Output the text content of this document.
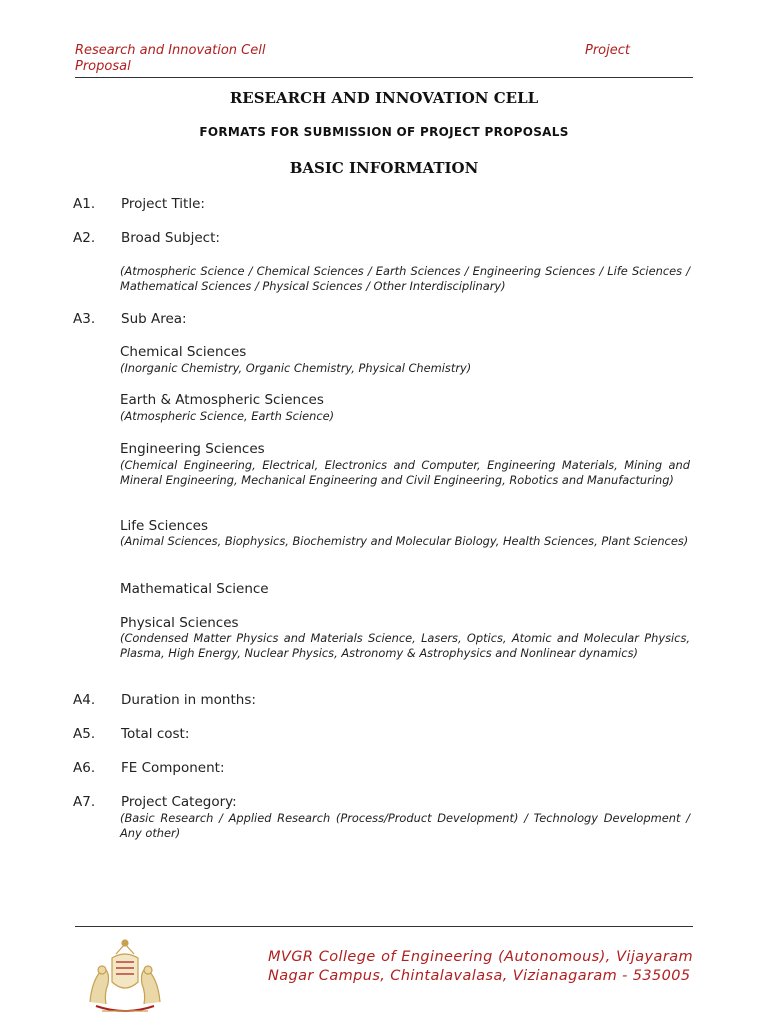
Research and Innovation Cell	Project
Proposal
RESEARCH AND INNOVATION CELL
FORMATS FOR SUBMISSION OF PROJECT PROPOSALS
BASIC INFORMATION
A1.	Project Title:
A2.	Broad Subject:
(Atmospheric Science / Chemical Sciences / Earth Sciences / Engineering Sciences / Life Sciences / Mathematical Sciences / Physical Sciences / Other Interdisciplinary)
A3.	Sub Area:
Chemical Sciences
(Inorganic Chemistry, Organic Chemistry, Physical Chemistry)
Earth & Atmospheric Sciences
(Atmospheric Science, Earth Science)
Engineering Sciences
(Chemical Engineering, Electrical, Electronics and Computer, Engineering Materials, Mining and Mineral Engineering, Mechanical Engineering and Civil Engineering, Robotics and Manufacturing)
Life Sciences
(Animal Sciences, Biophysics, Biochemistry and Molecular Biology, Health Sciences, Plant Sciences)
Mathematical Science
Physical Sciences
(Condensed Matter Physics and Materials Science, Lasers, Optics, Atomic and Molecular Physics, Plasma, High Energy, Nuclear Physics, Astronomy & Astrophysics and Nonlinear dynamics)
A4.	Duration in months:
A5.	Total cost:
A6.	FE Component:
A7.	Project Category:
(Basic Research / Applied Research (Process/Product Development) / Technology Development / Any other)
MVGR College of Engineering (Autonomous), Vijayaram Nagar Campus, Chintalavalasa, Vizianagaram - 535005
